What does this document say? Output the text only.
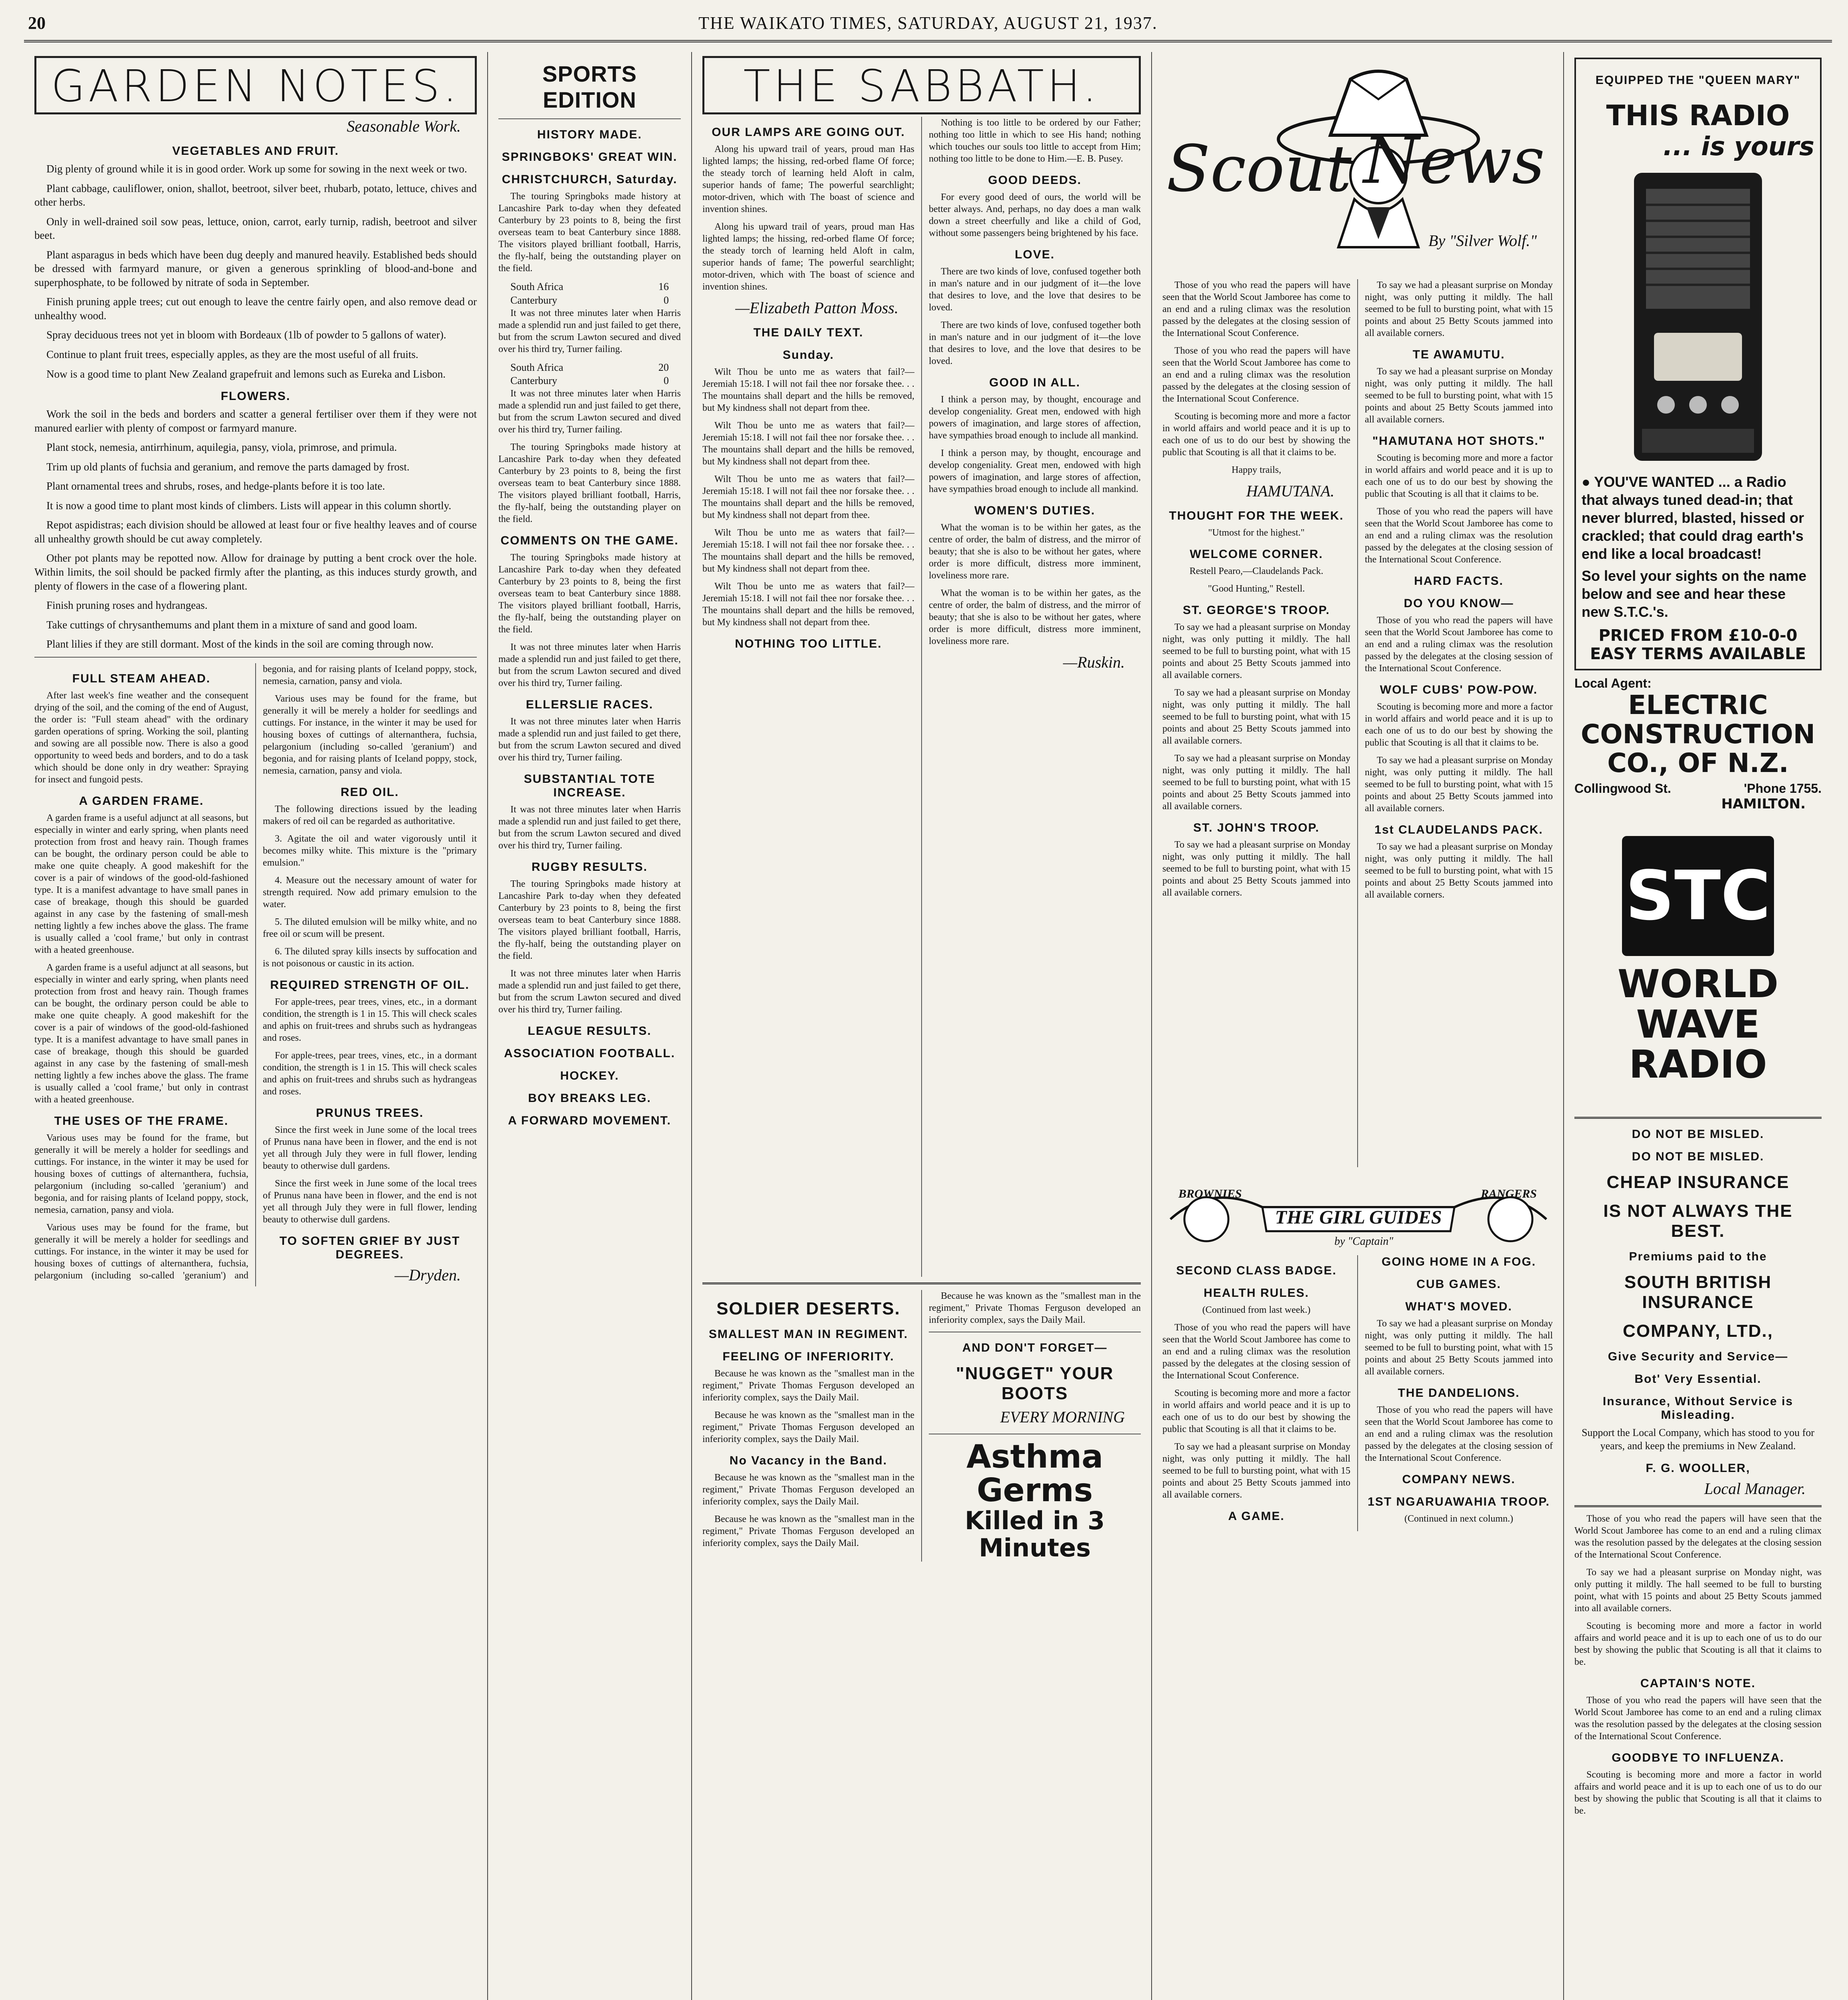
20	THE WAIKATO TIMES, SATURDAY, AUGUST 21, 1937.
GARDEN NOTES.
Seasonable Work.
VEGETABLES AND FRUIT.

Dig plenty of ground while it is in good order. Work up some for sowing in the next week or two.

Plant cabbage, cauliflower, onion, shallot, beetroot, silver beet, rhubarb, potato, lettuce, chives and other herbs.

Only in well-drained soil sow peas, lettuce, onion, carrot, early turnip, radish, beetroot and silver beet.

Plant asparagus in beds which have been dug deeply and manured heavily. Established beds should be dressed with farmyard manure, or given a generous sprinkling of blood-and-bone and superphosphate, to be followed by nitrate of soda in September.

Finish pruning apple trees; cut out enough to leave the centre fairly open, and also remove dead or unhealthy wood.

Spray deciduous trees not yet in bloom with Bordeaux (1lb of powder to 5 gallons of water).

Continue to plant fruit trees, especially apples, as they are the most useful of all fruits.

Now is a good time to plant New Zealand grapefruit and lemons such as Eureka and Lisbon.

FLOWERS.

Work the soil in the beds and borders and scatter a general fertiliser over them if they were not manured earlier with plenty of compost or farmyard manure.

Plant stock, nemesia, antirrhinum, aquilegia, pansy, viola, primrose, and primula.

Trim up old plants of fuchsia and geranium, and remove the parts damaged by frost.

Plant ornamental trees and shrubs, roses, and hedge-plants before it is too late.

It is now a good time to plant most kinds of climbers. Lists will appear in this column shortly.

Repot aspidistras; each division should be allowed at least four or five healthy leaves and of course all unhealthy growth should be cut away completely.

Other pot plants may be repotted now. Allow for drainage by putting a bent crock over the hole. Within limits, the soil should be packed firmly after the planting, as this induces sturdy growth, and plenty of flowers in the case of a flowering plant.

Finish pruning roses and hydrangeas.

Take cuttings of chrysanthemums and plant them in a mixture of sand and good loam.

Plant lilies if they are still dormant. Most of the kinds in the soil are coming through now.

FULL STEAM AHEAD.

After last week's fine weather and the consequent drying of the soil, and the coming of the end of August, the order is: "Full steam ahead" with the ordinary garden operations of spring. Working the soil, planting and sowing are all possible now. There is also a good opportunity to weed beds and borders, and to do a task which should be done only in dry weather: Spraying for insect and fungoid pests.

A GARDEN FRAME.

A garden frame is a useful adjunct at all seasons, but especially in winter and early spring, when plants need protection from frost and heavy rain. Though frames can be bought, the ordinary person could be able to make one quite cheaply. A good makeshift for the cover is a pair of windows of the good-old-fashioned type. It is a manifest advantage to have small panes in case of breakage, though this should be guarded against in any case by the fastening of small-mesh netting lightly a few inches above the glass. The frame is usually called a 'cool frame,' but only in contrast with a heated greenhouse.

A garden frame is a useful adjunct at all seasons, but especially in winter and early spring, when plants need protection from frost and heavy rain. Though frames can be bought, the ordinary person could be able to make one quite cheaply. A good makeshift for the cover is a pair of windows of the good-old-fashioned type. It is a manifest advantage to have small panes in case of breakage, though this should be guarded against in any case by the fastening of small-mesh netting lightly a few inches above the glass. The frame is usually called a 'cool frame,' but only in contrast with a heated greenhouse.

THE USES OF THE FRAME.

Various uses may be found for the frame, but generally it will be merely a holder for seedlings and cuttings. For instance, in the winter it may be used for housing boxes of cuttings of alternanthera, fuchsia, pelargonium (including so-called 'geranium') and begonia, and for raising plants of Iceland poppy, stock, nemesia, carnation, pansy and viola.

Various uses may be found for the frame, but generally it will be merely a holder for seedlings and cuttings. For instance, in the winter it may be used for housing boxes of cuttings of alternanthera, fuchsia, pelargonium (including so-called 'geranium') and begonia, and for raising plants of Iceland poppy, stock, nemesia, carnation, pansy and viola.

Various uses may be found for the frame, but generally it will be merely a holder for seedlings and cuttings. For instance, in the winter it may be used for housing boxes of cuttings of alternanthera, fuchsia, pelargonium (including so-called 'geranium') and begonia, and for raising plants of Iceland poppy, stock, nemesia, carnation, pansy and viola.

RED OIL.

The following directions issued by the leading makers of red oil can be regarded as authoritative.

3. Agitate the oil and water vigorously until it becomes milky white. This mixture is the "primary emulsion."

4. Measure out the necessary amount of water for strength required. Now add primary emulsion to the water.

5. The diluted emulsion will be milky white, and no free oil or scum will be present.

6. The diluted spray kills insects by suffocation and is not poisonous or caustic in its action.

REQUIRED STRENGTH OF OIL.

For apple-trees, pear trees, vines, etc., in a dormant condition, the strength is 1 in 15. This will check scales and aphis on fruit-trees and shrubs such as hydrangeas and roses.

For apple-trees, pear trees, vines, etc., in a dormant condition, the strength is 1 in 15. This will check scales and aphis on fruit-trees and shrubs such as hydrangeas and roses.

PRUNUS TREES.

Since the first week in June some of the local trees of Prunus nana have been in flower, and the end is not yet all through July they were in full flower, lending beauty to otherwise dull gardens.

Since the first week in June some of the local trees of Prunus nana have been in flower, and the end is not yet all through July they were in full flower, lending beauty to otherwise dull gardens.

TO SOFTEN GRIEF BY JUST DEGREES.
—Dryden.
SPORTS EDITION
HISTORY MADE.
SPRINGBOKS' GREAT WIN.
CHRISTCHURCH, Saturday.

The touring Springboks made history at Lancashire Park to-day when they defeated Canterbury by 23 points to 8, being the first overseas team to beat Canterbury since 1888. The visitors played brilliant football, Harris, the fly-half, being the outstanding player on the field.

South Africa	16
Canterbury	0

It was not three minutes later when Harris made a splendid run and just failed to get there, but from the scrum Lawton secured and dived over his third try, Turner failing.

South Africa	20
Canterbury	0

It was not three minutes later when Harris made a splendid run and just failed to get there, but from the scrum Lawton secured and dived over his third try, Turner failing.

The touring Springboks made history at Lancashire Park to-day when they defeated Canterbury by 23 points to 8, being the first overseas team to beat Canterbury since 1888. The visitors played brilliant football, Harris, the fly-half, being the outstanding player on the field.

COMMENTS ON THE GAME.

The touring Springboks made history at Lancashire Park to-day when they defeated Canterbury by 23 points to 8, being the first overseas team to beat Canterbury since 1888. The visitors played brilliant football, Harris, the fly-half, being the outstanding player on the field.

It was not three minutes later when Harris made a splendid run and just failed to get there, but from the scrum Lawton secured and dived over his third try, Turner failing.

ELLERSLIE RACES.

It was not three minutes later when Harris made a splendid run and just failed to get there, but from the scrum Lawton secured and dived over his third try, Turner failing.

SUBSTANTIAL TOTE INCREASE.

It was not three minutes later when Harris made a splendid run and just failed to get there, but from the scrum Lawton secured and dived over his third try, Turner failing.

RUGBY RESULTS.

The touring Springboks made history at Lancashire Park to-day when they defeated Canterbury by 23 points to 8, being the first overseas team to beat Canterbury since 1888. The visitors played brilliant football, Harris, the fly-half, being the outstanding player on the field.

It was not three minutes later when Harris made a splendid run and just failed to get there, but from the scrum Lawton secured and dived over his third try, Turner failing.

LEAGUE RESULTS.
ASSOCIATION FOOTBALL.
HOCKEY.
BOY BREAKS LEG.
A FORWARD MOVEMENT.
THE SABBATH.
OUR LAMPS ARE GOING OUT.

Along his upward trail of years, proud man Has lighted lamps; the hissing, red-orbed flame Of force; the steady torch of learning held Aloft in calm, superior hands of fame; The powerful searchlight; motor-driven, which with The boast of science and invention shines.

Along his upward trail of years, proud man Has lighted lamps; the hissing, red-orbed flame Of force; the steady torch of learning held Aloft in calm, superior hands of fame; The powerful searchlight; motor-driven, which with The boast of science and invention shines.

—Elizabeth Patton Moss.
THE DAILY TEXT.
Sunday.

Wilt Thou be unto me as waters that fail?—Jeremiah 15:18. I will not fail thee nor forsake thee. . . The mountains shall depart and the hills be removed, but My kindness shall not depart from thee.

Wilt Thou be unto me as waters that fail?—Jeremiah 15:18. I will not fail thee nor forsake thee. . . The mountains shall depart and the hills be removed, but My kindness shall not depart from thee.

Wilt Thou be unto me as waters that fail?—Jeremiah 15:18. I will not fail thee nor forsake thee. . . The mountains shall depart and the hills be removed, but My kindness shall not depart from thee.

Wilt Thou be unto me as waters that fail?—Jeremiah 15:18. I will not fail thee nor forsake thee. . . The mountains shall depart and the hills be removed, but My kindness shall not depart from thee.

Wilt Thou be unto me as waters that fail?—Jeremiah 15:18. I will not fail thee nor forsake thee. . . The mountains shall depart and the hills be removed, but My kindness shall not depart from thee.

NOTHING TOO LITTLE.

Nothing is too little to be ordered by our Father; nothing too little in which to see His hand; nothing which touches our souls too little to accept from Him; nothing too little to be done to Him.—E. B. Pusey.

GOOD DEEDS.

For every good deed of ours, the world will be better always. And, perhaps, no day does a man walk down a street cheerfully and like a child of God, without some passengers being brightened by his face.

LOVE.

There are two kinds of love, confused together both in man's nature and in our judgment of it—the love that desires to love, and the love that desires to be loved.

There are two kinds of love, confused together both in man's nature and in our judgment of it—the love that desires to love, and the love that desires to be loved.

GOOD IN ALL.

I think a person may, by thought, encourage and develop congeniality. Great men, endowed with high powers of imagination, and large stores of affection, have sympathies broad enough to include all mankind.

I think a person may, by thought, encourage and develop congeniality. Great men, endowed with high powers of imagination, and large stores of affection, have sympathies broad enough to include all mankind.

WOMEN'S DUTIES.

What the woman is to be within her gates, as the centre of order, the balm of distress, and the mirror of beauty; that she is also to be without her gates, where order is more difficult, distress more imminent, loveliness more rare.

What the woman is to be within her gates, as the centre of order, the balm of distress, and the mirror of beauty; that she is also to be without her gates, where order is more difficult, distress more imminent, loveliness more rare.

—Ruskin.
SOLDIER DESERTS.
SMALLEST MAN IN REGIMENT.
FEELING OF INFERIORITY.

Because he was known as the "smallest man in the regiment," Private Thomas Ferguson developed an inferiority complex, says the Daily Mail.

Because he was known as the "smallest man in the regiment," Private Thomas Ferguson developed an inferiority complex, says the Daily Mail.

No Vacancy in the Band.

Because he was known as the "smallest man in the regiment," Private Thomas Ferguson developed an inferiority complex, says the Daily Mail.

Because he was known as the "smallest man in the regiment," Private Thomas Ferguson developed an inferiority complex, says the Daily Mail.

Because he was known as the "smallest man in the regiment," Private Thomas Ferguson developed an inferiority complex, says the Daily Mail.

AND DON'T FORGET—
"NUGGET" YOUR BOOTS
EVERY MORNING
Asthma Germs
Killed in 3 Minutes
Scout News
By "Silver Wolf."

Those of you who read the papers will have seen that the World Scout Jamboree has come to an end and a ruling climax was the resolution passed by the delegates at the closing session of the International Scout Conference.

Those of you who read the papers will have seen that the World Scout Jamboree has come to an end and a ruling climax was the resolution passed by the delegates at the closing session of the International Scout Conference.

Scouting is becoming more and more a factor in world affairs and world peace and it is up to each one of us to do our best by showing the public that Scouting is all that it claims to be.

Happy trails,

HAMUTANA.
THOUGHT FOR THE WEEK.

"Utmost for the highest."

WELCOME CORNER.

Restell Pearo,—Claudelands Pack.

"Good Hunting," Restell.

ST. GEORGE'S TROOP.

To say we had a pleasant surprise on Monday night, was only putting it mildly. The hall seemed to be full to bursting point, what with 15 points and about 25 Betty Scouts jammed into all available corners.

To say we had a pleasant surprise on Monday night, was only putting it mildly. The hall seemed to be full to bursting point, what with 15 points and about 25 Betty Scouts jammed into all available corners.

To say we had a pleasant surprise on Monday night, was only putting it mildly. The hall seemed to be full to bursting point, what with 15 points and about 25 Betty Scouts jammed into all available corners.

ST. JOHN'S TROOP.

To say we had a pleasant surprise on Monday night, was only putting it mildly. The hall seemed to be full to bursting point, what with 15 points and about 25 Betty Scouts jammed into all available corners.

To say we had a pleasant surprise on Monday night, was only putting it mildly. The hall seemed to be full to bursting point, what with 15 points and about 25 Betty Scouts jammed into all available corners.

TE AWAMUTU.

To say we had a pleasant surprise on Monday night, was only putting it mildly. The hall seemed to be full to bursting point, what with 15 points and about 25 Betty Scouts jammed into all available corners.

"HAMUTANA HOT SHOTS."

Scouting is becoming more and more a factor in world affairs and world peace and it is up to each one of us to do our best by showing the public that Scouting is all that it claims to be.

Those of you who read the papers will have seen that the World Scout Jamboree has come to an end and a ruling climax was the resolution passed by the delegates at the closing session of the International Scout Conference.

HARD FACTS.
DO YOU KNOW—

Those of you who read the papers will have seen that the World Scout Jamboree has come to an end and a ruling climax was the resolution passed by the delegates at the closing session of the International Scout Conference.

WOLF CUBS' POW-POW.

Scouting is becoming more and more a factor in world affairs and world peace and it is up to each one of us to do our best by showing the public that Scouting is all that it claims to be.

To say we had a pleasant surprise on Monday night, was only putting it mildly. The hall seemed to be full to bursting point, what with 15 points and about 25 Betty Scouts jammed into all available corners.

1st CLAUDELANDS PACK.

To say we had a pleasant surprise on Monday night, was only putting it mildly. The hall seemed to be full to bursting point, what with 15 points and about 25 Betty Scouts jammed into all available corners.

THE GIRL GUIDES
BROWNIES	RANGERS
by "Captain"
SECOND CLASS BADGE.
HEALTH RULES.

(Continued from last week.)

Those of you who read the papers will have seen that the World Scout Jamboree has come to an end and a ruling climax was the resolution passed by the delegates at the closing session of the International Scout Conference.

Scouting is becoming more and more a factor in world affairs and world peace and it is up to each one of us to do our best by showing the public that Scouting is all that it claims to be.

To say we had a pleasant surprise on Monday night, was only putting it mildly. The hall seemed to be full to bursting point, what with 15 points and about 25 Betty Scouts jammed into all available corners.

A GAME.
GOING HOME IN A FOG.
CUB GAMES.
WHAT'S MOVED.

To say we had a pleasant surprise on Monday night, was only putting it mildly. The hall seemed to be full to bursting point, what with 15 points and about 25 Betty Scouts jammed into all available corners.

THE DANDELIONS.

Those of you who read the papers will have seen that the World Scout Jamboree has come to an end and a ruling climax was the resolution passed by the delegates at the closing session of the International Scout Conference.

COMPANY NEWS.
1ST NGARUAWAHIA TROOP.

(Continued in next column.)

EQUIPPED THE "QUEEN MARY"
THIS RADIO
... is yours

● YOU'VE WANTED ... a Radio that always tuned dead-in; that never blurred, blasted, hissed or crackled; that could drag earth's end like a local broadcast!

So level your sights on the name below and see and hear these new S.T.C.'s.

PRICED FROM £10-0-0
EASY TERMS AVAILABLE
Local Agent:
ELECTRIC
CONSTRUCTION
CO., OF N.Z.
Collingwood St.	'Phone 1755.
HAMILTON.
STC
WORLD
WAVE RADIO
DO NOT BE MISLED.
DO NOT BE MISLED.
CHEAP INSURANCE
IS NOT ALWAYS THE BEST.
Premiums paid to the
SOUTH BRITISH INSURANCE
COMPANY, LTD.,
Give Security and Service—
Bot' Very Essential.
Insurance, Without Service is Misleading.

Support the Local Company, which has stood to you for years, and keep the premiums in New Zealand.

F. G. WOOLLER,
Local Manager.

Those of you who read the papers will have seen that the World Scout Jamboree has come to an end and a ruling climax was the resolution passed by the delegates at the closing session of the International Scout Conference.

To say we had a pleasant surprise on Monday night, was only putting it mildly. The hall seemed to be full to bursting point, what with 15 points and about 25 Betty Scouts jammed into all available corners.

Scouting is becoming more and more a factor in world affairs and world peace and it is up to each one of us to do our best by showing the public that Scouting is all that it claims to be.

CAPTAIN'S NOTE.

Those of you who read the papers will have seen that the World Scout Jamboree has come to an end and a ruling climax was the resolution passed by the delegates at the closing session of the International Scout Conference.

GOODBYE TO INFLUENZA.

Scouting is becoming more and more a factor in world affairs and world peace and it is up to each one of us to do our best by showing the public that Scouting is all that it claims to be.
